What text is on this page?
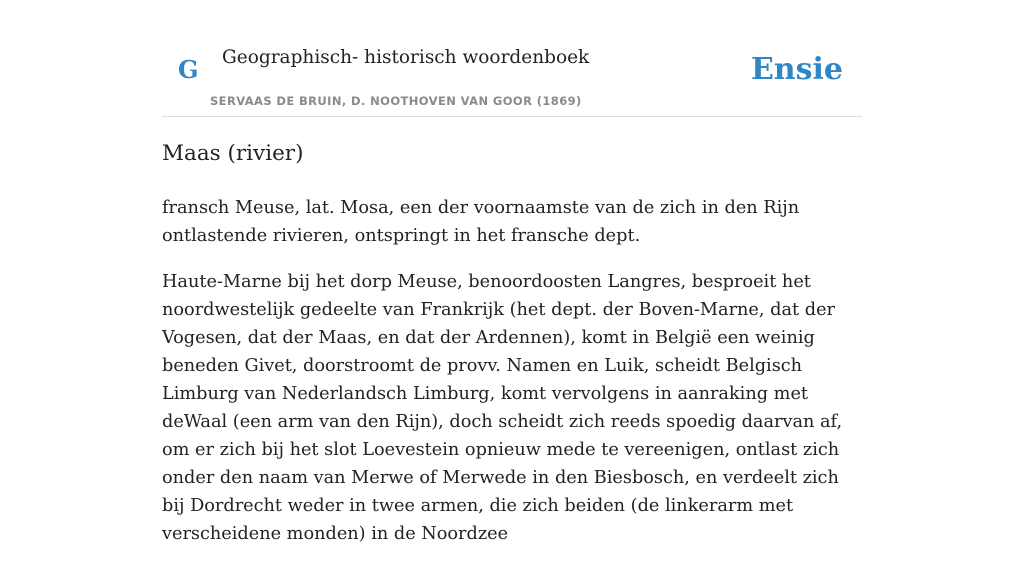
G Geographisch- historisch woordenboek
SERVAAS DE BRUIN, D. NOOTHOVEN VAN GOOR (1869)
Ensie
Maas (rivier)

fransch Meuse, lat. Mosa, een der voornaamste van de zich in den Rijn ontlastende rivieren, ontspringt in het fransche dept.

Haute-Marne bij het dorp Meuse, benoordoosten Langres, besproeit het noordwestelijk gedeelte van Frankrijk (het dept. der Boven-Marne, dat der Vogesen, dat der Maas, en dat der Ardennen), komt in België een weinig beneden Givet, doorstroomt de provv. Namen en Luik, scheidt Belgisch Limburg van Nederlandsch Limburg, komt vervolgens in aanraking met deWaal (een arm van den Rijn), doch scheidt zich reeds spoedig daarvan af, om er zich bij het slot Loevestein opnieuw mede te vereenigen, ontlast zich onder den naam van Merwe of Merwede in den Biesbosch, en verdeelt zich bij Dordrecht weder in twee armen, die zich beiden (de linkerarm met verscheidene monden) in de Noordzee
